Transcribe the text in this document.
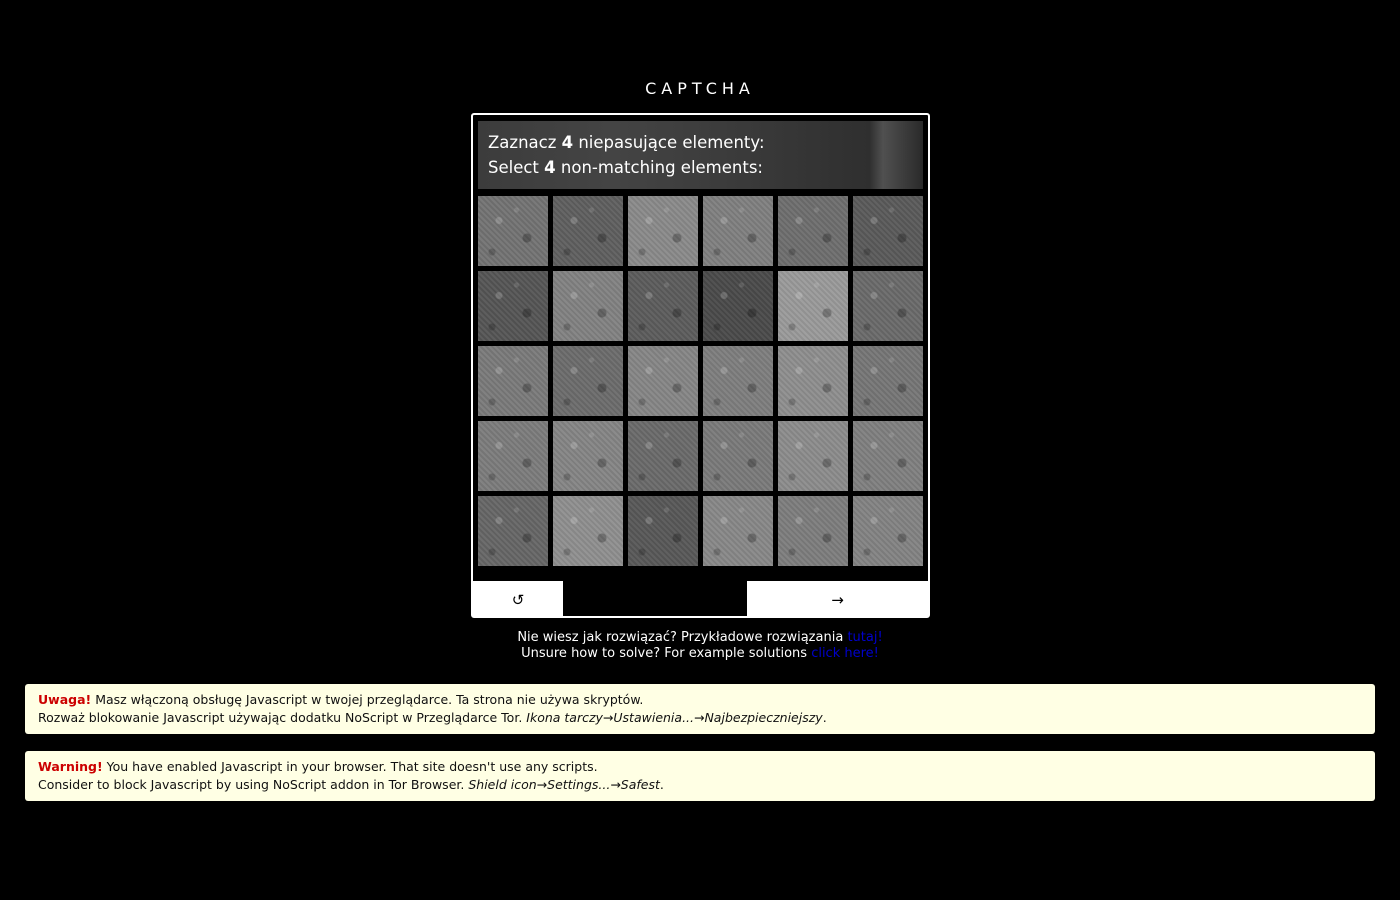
CAPTCHA
Zaznacz 4 niepasujące elementy:
Select 4 non-matching elements:
↺	→
Nie wiesz jak rozwiązać? Przykładowe rozwiązania tutaj!
Unsure how to solve? For example solutions click here!
Uwaga! Masz włączoną obsługę Javascript w twojej przeglądarce. Ta strona nie używa skryptów.
Rozważ blokowanie Javascript używając dodatku NoScript w Przeglądarce Tor. Ikona tarczy→Ustawienia...→Najbezpieczniejszy.
Warning! You have enabled Javascript in your browser. That site doesn't use any scripts.
Consider to block Javascript by using NoScript addon in Tor Browser. Shield icon→Settings...→Safest.
